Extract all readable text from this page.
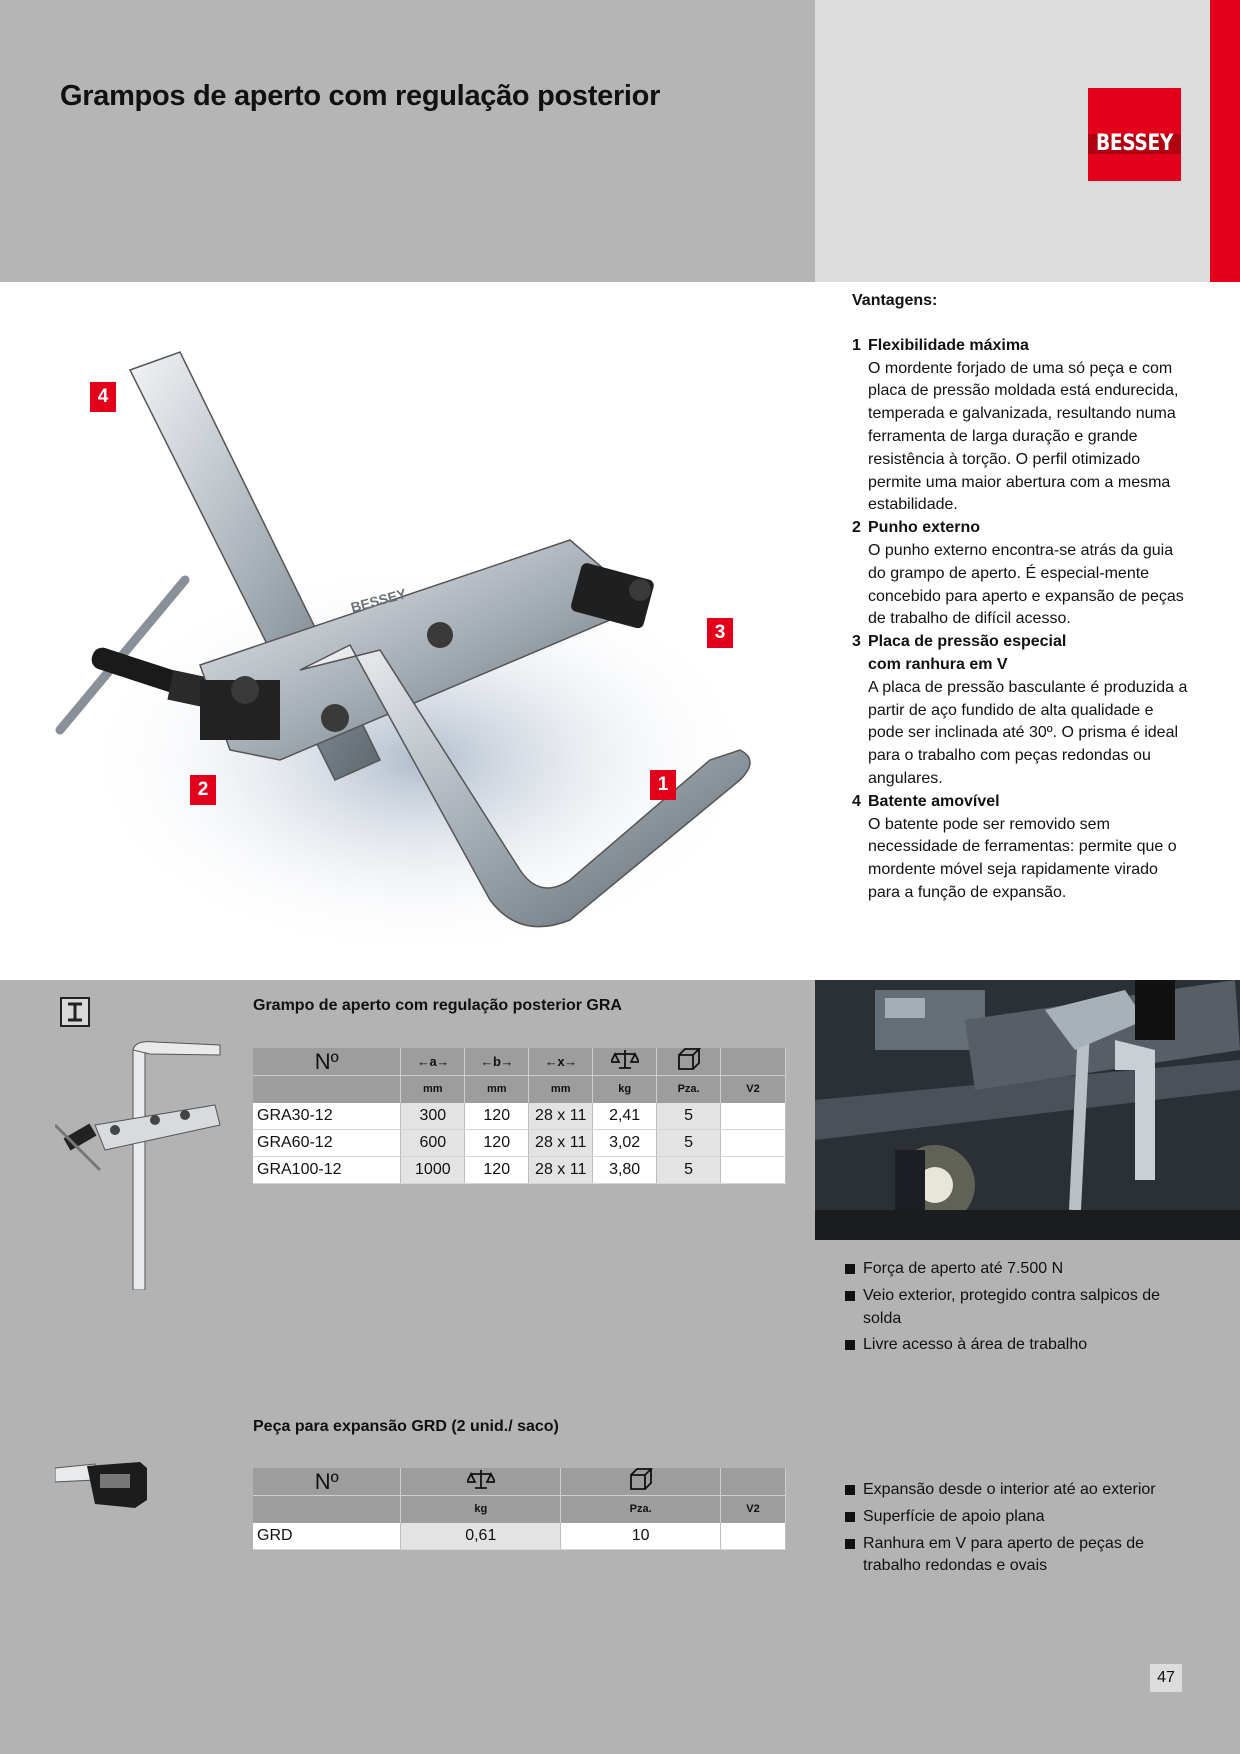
Grampos de aperto com regulação posterior
BESSEY
BESSEY
4
3
2	1
Vantagens:
1 Flexibilidade máxima
O mordente forjado de uma só peça e com placa de pressão moldada está endurecida, temperada e galvanizada, resultando numa ferramenta de larga duração e grande resistência à torção. O perfil otimizado permite uma maior abertura com a mesma estabilidade.
2 Punho externo
O punho externo encontra-se atrás da guia do grampo de aperto. É especial-mente concebido para aperto e expansão de peças de trabalho de difícil acesso.
3 Placa de pressão especial
com ranhura em V
A placa de pressão basculante é produzida a partir de aço fundido de alta qualidade e pode ser inclinada até 30º. O prisma é ideal para o trabalho com peças redondas ou angulares.
4 Batente amovível
O batente pode ser removido sem necessidade de ferramentas: permite que o mordente móvel seja rapidamente virado para a função de expansão.
Grampo de aperto com regulação posterior GRA
Nº	←a→	←b→	←x→			
	mm	mm	mm	kg	Pza.	V2
GRA30-12	300	120	28 x 11	2,41	5	
GRA60-12	600	120	28 x 11	3,02	5	
GRA100-12	1000	120	28 x 11	3,80	5	
Força de aperto até 7.500 N
Veio exterior, protegido contra salpicos de solda
Livre acesso à área de trabalho
Peça para expansão GRD (2 unid./ saco)
Nº			
	kg	Pza.	V2
GRD	0,61	10	
Expansão desde o interior até ao exterior
Superfície de apoio plana
Ranhura em V para aperto de peças de trabalho redondas e ovais
47
